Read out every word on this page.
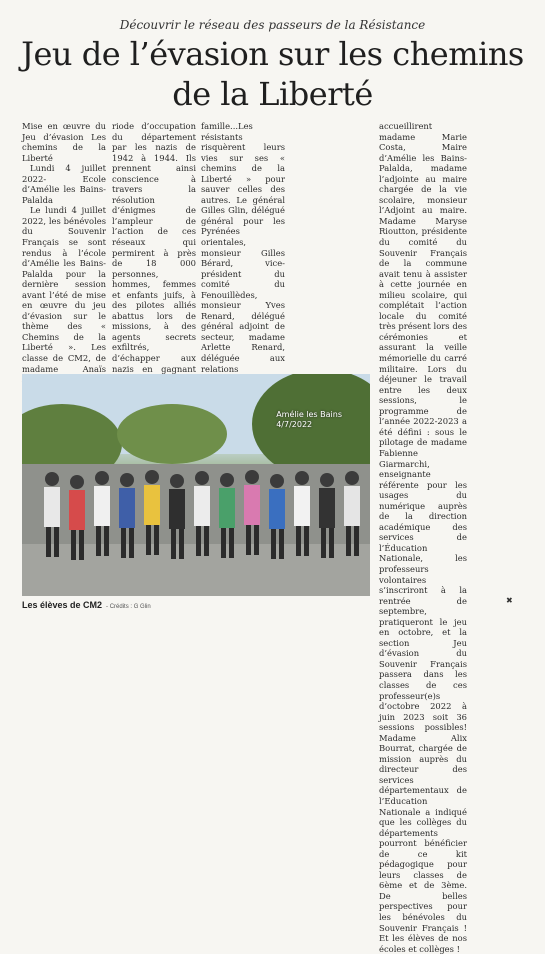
Découvrir le réseau des passeurs de la Résistance
Jeu de l’évasion sur les chemins
de la Liberté

Mise en œuvre du Jeu d’évasion Les chemins de la Liberté

Lundi 4 juillet 2022- Ecole d’Amélie les Bains-Palalda

Le lundi 4 juillet 2022, les bénévoles du Souvenir Français se sont rendus à l’école d’Amélie les Bains-Palalda pour la dernière session avant l’été de mise en œuvre du jeu d’évasion sur le thème des « Chemins de la Liberté ». Les classe de CM2, de madame Anaïs

riode d’occupation du département par les nazis de 1942 à 1944. Ils prennent ainsi conscience à travers la résolution d’énigmes de l’ampleur de l’action de ces réseaux qui permirent à près de 18 000 personnes, hommes, femmes et enfants juifs, à des pilotes alliés abattus lors de missions, à des agents secrets exfiltrés, d’échapper aux nazis en gagnant

famille...Les résistants risquèrent leurs vies sur ses « chemins de la Liberté » pour sauver celles des autres. Le général Gilles Glin, délégué général pour les Pyrénées orientales, monsieur Gilles Bérard, vice-président du comité du Fenouillèdes, monsieur Yves Renard, délégué général adjoint de secteur, madame Arlette Renard, déléguée aux relations

accueillirent madame Marie Costa, Maire d’Amélie les Bains-Palalda, madame l’adjointe au maire chargée de la vie scolaire, monsieur l’Adjoint au maire. Madame Maryse Rioutton, présidente du comité du Souvenir Français de la commune avait tenu à assister à cette journée en milieu scolaire, qui complétait l’action locale du comité très présent lors des cérémonies et assurant la veille mémorielle du carré militaire. Lors du déjeuner le travail entre les deux sessions, le programme de l’année 2022-2023 a été défini : sous le pilotage de madame Fabienne Giarmarchi, enseignante référente pour les usages du numérique auprès de la direction académique des services de l’Éducation Nationale, les professeurs volontaires s’inscriront à la rentrée de septembre, pratiqueront le jeu en octobre, et la section Jeu d’évasion du Souvenir Français passera dans les classes de ces professeur(e)s d’octobre 2022 à juin 2023 soit 36 sessions possibles! Madame Alix Bourrat, chargée de mission auprès du directeur des services départementaux de l’Education Nationale a indiqué que les collèges du départements pourront bénéficier de ce kit pédagogique pour leurs classes de 6ème et de 3ème. De belles perspectives pour les bénévoles du Souvenir Français ! Et les élèves de nos écoles et collèges !

Amélie les Bains
4/7/2022
Les élèves de CM2 - Crédits : G Glin
✖
